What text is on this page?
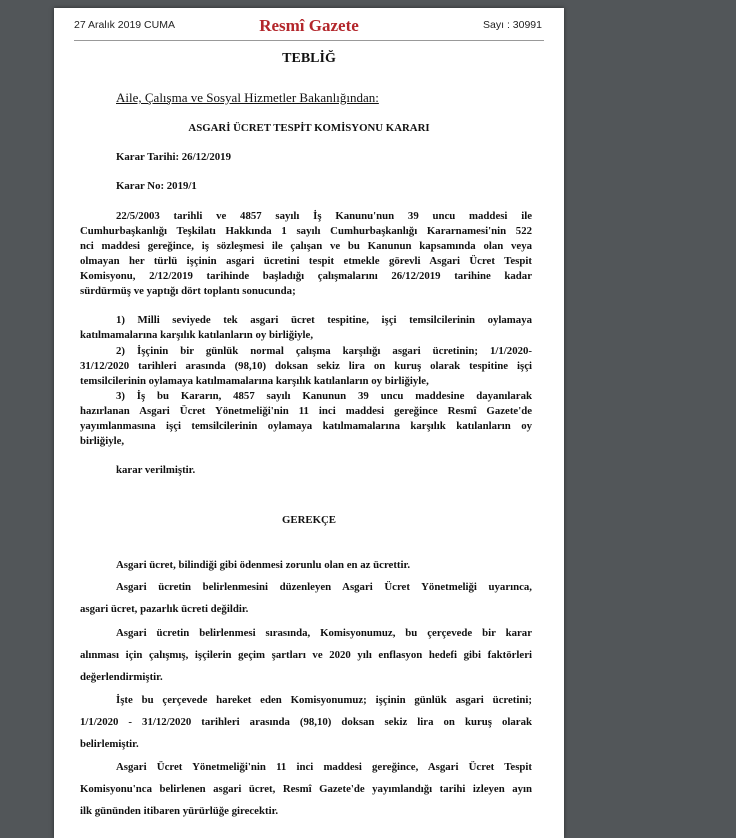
27 Aralık 2019 CUMA	Resmî Gazete	Sayı : 30991
TEBLİĞ
Aile, Çalışma ve Sosyal Hizmetler Bakanlığından:
ASGARİ ÜCRET TESPİT KOMİSYONU KARARI
Karar Tarihi: 26/12/2019
Karar No: 2019/1
22/5/2003 tarihli ve 4857 sayılı İş Kanunu'nun 39 uncu maddesi ile
Cumhurbaşkanlığı Teşkilatı Hakkında 1 sayılı Cumhurbaşkanlığı Kararnamesi'nin 522
nci maddesi gereğince, iş sözleşmesi ile çalışan ve bu Kanunun kapsamında olan veya
olmayan her türlü işçinin asgari ücretini tespit etmekle görevli Asgari Ücret Tespit
Komisyonu, 2/12/2019 tarihinde başladığı çalışmalarını 26/12/2019 tarihine kadar
sürdürmüş ve yaptığı dört toplantı sonucunda;
1) Milli seviyede tek asgari ücret tespitine, işçi temsilcilerinin oylamaya
katılmamalarına karşılık katılanların oy birliğiyle,
2) İşçinin bir günlük normal çalışma karşılığı asgari ücretinin; 1/1/2020-
31/12/2020 tarihleri arasında (98,10) doksan sekiz lira on kuruş olarak tespitine işçi
temsilcilerinin oylamaya katılmamalarına karşılık katılanların oy birliğiyle,
3) İş bu Kararın, 4857 sayılı Kanunun 39 uncu maddesine dayanılarak
hazırlanan Asgari Ücret Yönetmeliği'nin 11 inci maddesi gereğince Resmî Gazete'de
yayımlanmasına işçi temsilcilerinin oylamaya katılmamalarına karşılık katılanların oy
birliğiyle,
karar verilmiştir.
GEREKÇE
Asgari ücret, bilindiği gibi ödenmesi zorunlu olan en az ücrettir.
Asgari ücretin belirlenmesini düzenleyen Asgari Ücret Yönetmeliği uyarınca,
asgari ücret, pazarlık ücreti değildir.
Asgari ücretin belirlenmesi sırasında, Komisyonumuz, bu çerçevede bir karar
alınması için çalışmış, işçilerin geçim şartları ve 2020 yılı enflasyon hedefi gibi faktörleri
değerlendirmiştir.
İşte bu çerçevede hareket eden Komisyonumuz; işçinin günlük asgari ücretini;
1/1/2020 - 31/12/2020 tarihleri arasında (98,10) doksan sekiz lira on kuruş olarak
belirlemiştir.
Asgari Ücret Yönetmeliği'nin 11 inci maddesi gereğince, Asgari Ücret Tespit
Komisyonu'nca belirlenen asgari ücret, Resmî Gazete'de yayımlandığı tarihi izleyen ayın
ilk gününden itibaren yürürlüğe girecektir.
